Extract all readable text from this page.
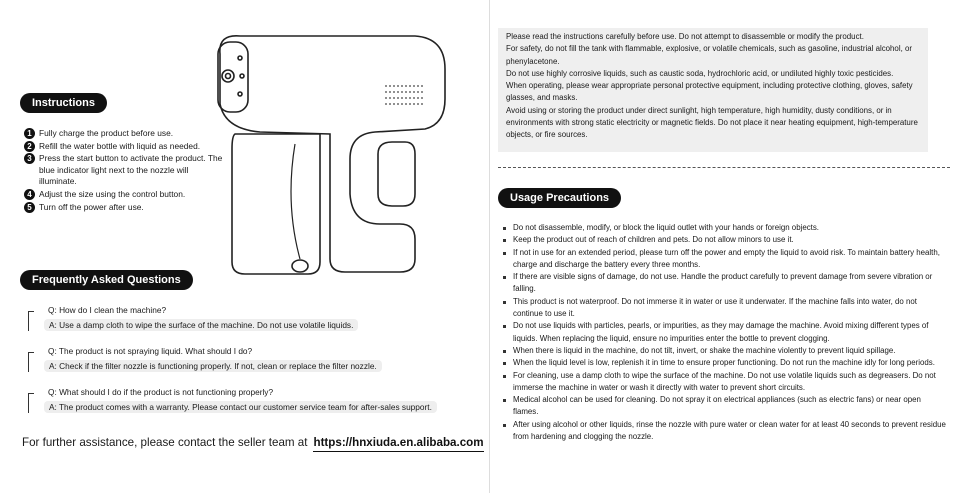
Instructions
1 Fully charge the product before use.
2 Refill the water bottle with liquid as needed.
3 Press the start button to activate the product. The blue indicator light next to the nozzle will illuminate.
4 Adjust the size using the control button.
5 Turn off the power after use.
Frequently Asked Questions
Q: How do I clean the machine?
A: Use a damp cloth to wipe the surface of the machine. Do not use volatile liquids.
Q: The product is not spraying liquid. What should I do?
A: Check if the filter nozzle is functioning properly. If not, clean or replace the filter nozzle.
Q: What should I do if the product is not functioning properly?
A: The product comes with a warranty. Please contact our customer service team for after-sales support.
For further assistance, please contact the seller team at https://hnxiuda.en.alibaba.com
Please read the instructions carefully before use. Do not attempt to disassemble or modify the product.
For safety, do not fill the tank with flammable, explosive, or volatile chemicals, such as gasoline, industrial alcohol, or phenylacetone.
Do not use highly corrosive liquids, such as caustic soda, hydrochloric acid, or undiluted highly toxic pesticides.
When operating, please wear appropriate personal protective equipment, including protective clothing, gloves, safety glasses, and masks.
Avoid using or storing the product under direct sunlight, high temperature, high humidity, dusty conditions, or in environments with strong static electricity or magnetic fields. Do not place it near heating equipment, high-temperature objects, or fire sources.
Usage Precautions
Do not disassemble, modify, or block the liquid outlet with your hands or foreign objects.
Keep the product out of reach of children and pets. Do not allow minors to use it.
If not in use for an extended period, please turn off the power and empty the liquid to avoid risk. To maintain battery health, charge and discharge the battery every three months.
If there are visible signs of damage, do not use. Handle the product carefully to prevent damage from severe vibration or falling.
This product is not waterproof. Do not immerse it in water or use it underwater. If the machine falls into water, do not continue to use it.
Do not use liquids with particles, pearls, or impurities, as they may damage the machine. Avoid mixing different types of liquids. When replacing the liquid, ensure no impurities enter the bottle to prevent clogging.
When there is liquid in the machine, do not tilt, invert, or shake the machine violently to prevent liquid spillage.
When the liquid level is low, replenish it in time to ensure proper functioning. Do not run the machine idly for long periods.
For cleaning, use a damp cloth to wipe the surface of the machine. Do not use volatile liquids such as degreasers. Do not immerse the machine in water or wash it directly with water to prevent short circuits.
Medical alcohol can be used for cleaning. Do not spray it on electrical appliances (such as electric fans) or near open flames.
After using alcohol or other liquids, rinse the nozzle with pure water or clean water for at least 40 seconds to prevent residue from hardening and clogging the nozzle.
